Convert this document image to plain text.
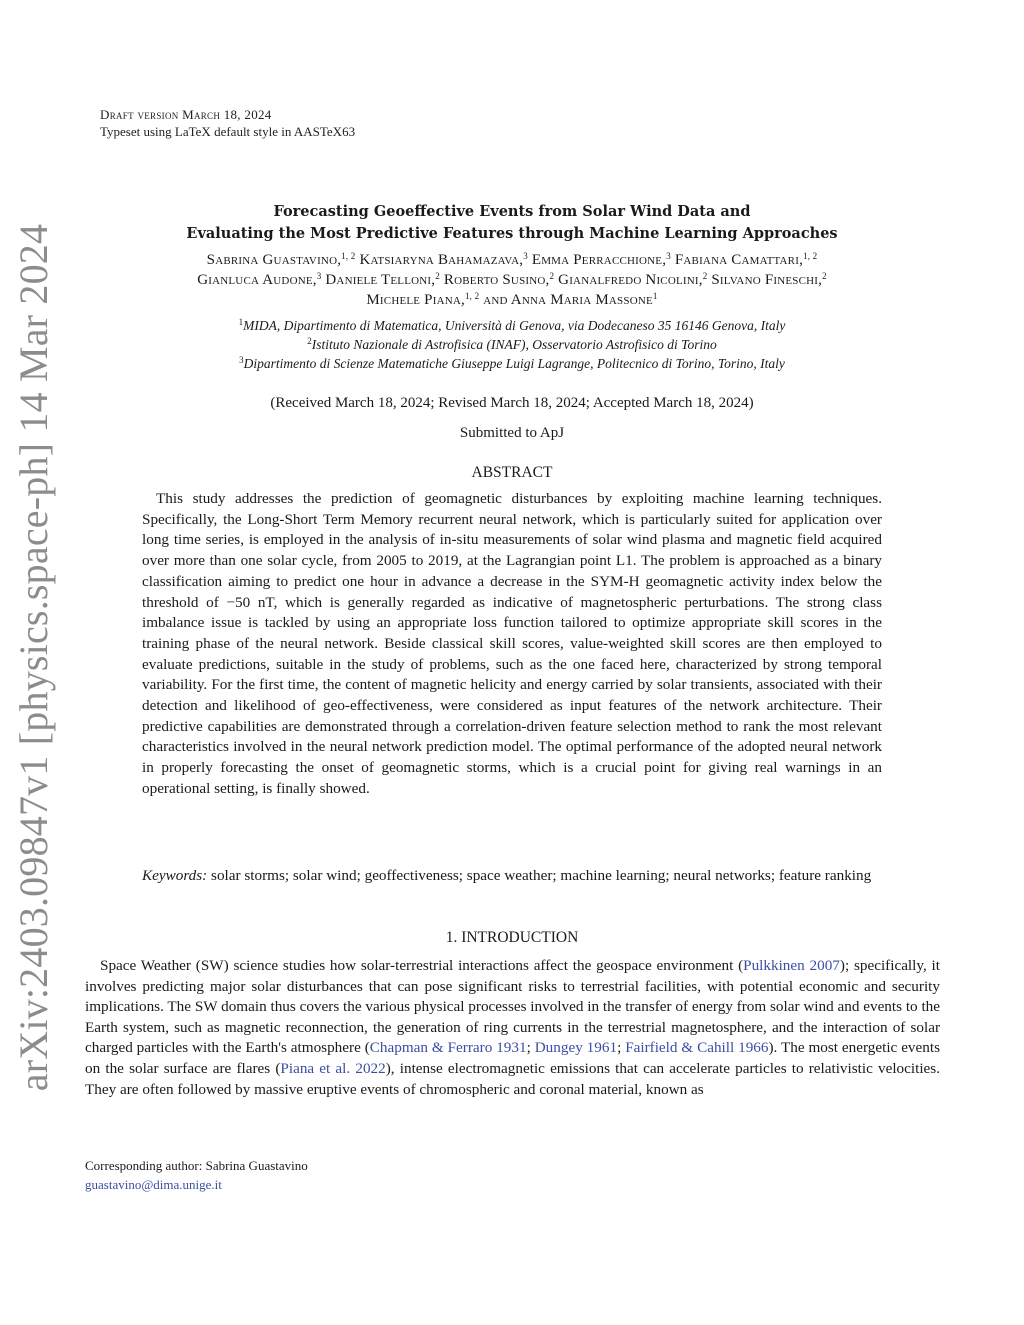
arXiv:2403.09847v1 [physics.space-ph] 14 Mar 2024
Draft version March 18, 2024
Typeset using LaTeX default style in AASTeX63
Forecasting Geoeffective Events from Solar Wind Data and
Evaluating the Most Predictive Features through Machine Learning Approaches
Sabrina Guastavino,$^{1, 2}$ Katsiaryna Bahamazava,$^3$ Emma Perracchione,$^3$ Fabiana Camattari,$^{1, 2}$
Gianluca Audone,$^3$ Daniele Telloni,$^2$ Roberto Susino,$^2$ Gianalfredo Nicolini,$^2$ Silvano Fineschi,$^2$
Michele Piana,$^{1, 2}$ and Anna Maria Massone$^1$
$^1$MIDA, Dipartimento di Matematica, Università di Genova, via Dodecaneso 35 16146 Genova, Italy
$^2$Istituto Nazionale di Astrofisica (INAF), Osservatorio Astrofisico di Torino
$^3$Dipartimento di Scienze Matematiche Giuseppe Luigi Lagrange, Politecnico di Torino, Torino, Italy
(Received March 18, 2024; Revised March 18, 2024; Accepted March 18, 2024)
Submitted to ApJ
ABSTRACT

This study addresses the prediction of geomagnetic disturbances by exploiting machine learning techniques. Specifically, the Long-Short Term Memory recurrent neural network, which is particularly suited for application over long time series, is employed in the analysis of in-situ measurements of solar wind plasma and magnetic field acquired over more than one solar cycle, from 2005 to 2019, at the Lagrangian point L1. The problem is approached as a binary classification aiming to predict one hour in advance a decrease in the SYM-H geomagnetic activity index below the threshold of −50 nT, which is generally regarded as indicative of magnetospheric perturbations. The strong class imbalance issue is tackled by using an appropriate loss function tailored to optimize appropriate skill scores in the training phase of the neural network. Beside classical skill scores, value-weighted skill scores are then employed to evaluate predictions, suitable in the study of problems, such as the one faced here, characterized by strong temporal variability. For the first time, the content of magnetic helicity and energy carried by solar transients, associated with their detection and likelihood of geo-effectiveness, were considered as input features of the network architecture. Their predictive capabilities are demonstrated through a correlation-driven feature selection method to rank the most relevant characteristics involved in the neural network prediction model. The optimal performance of the adopted neural network in properly forecasting the onset of geomagnetic storms, which is a crucial point for giving real warnings in an operational setting, is finally showed.

Keywords: solar storms; solar wind; geoffectiveness; space weather; machine learning; neural networks; feature ranking

1. INTRODUCTION

Space Weather (SW) science studies how solar-terrestrial interactions affect the geospace environment (Pulkkinen 2007); specifically, it involves predicting major solar disturbances that can pose significant risks to terrestrial facilities, with potential economic and security implications. The SW domain thus covers the various physical processes involved in the transfer of energy from solar wind and events to the Earth system, such as magnetic reconnection, the generation of ring currents in the terrestrial magnetosphere, and the interaction of solar charged particles with the Earth's atmosphere (Chapman & Ferraro 1931; Dungey 1961; Fairfield & Cahill 1966). The most energetic events on the solar surface are flares (Piana et al. 2022), intense electromagnetic emissions that can accelerate particles to relativistic velocities. They are often followed by massive eruptive events of chromospheric and coronal material, known as

Corresponding author: Sabrina Guastavino
guastavino@dima.unige.it
